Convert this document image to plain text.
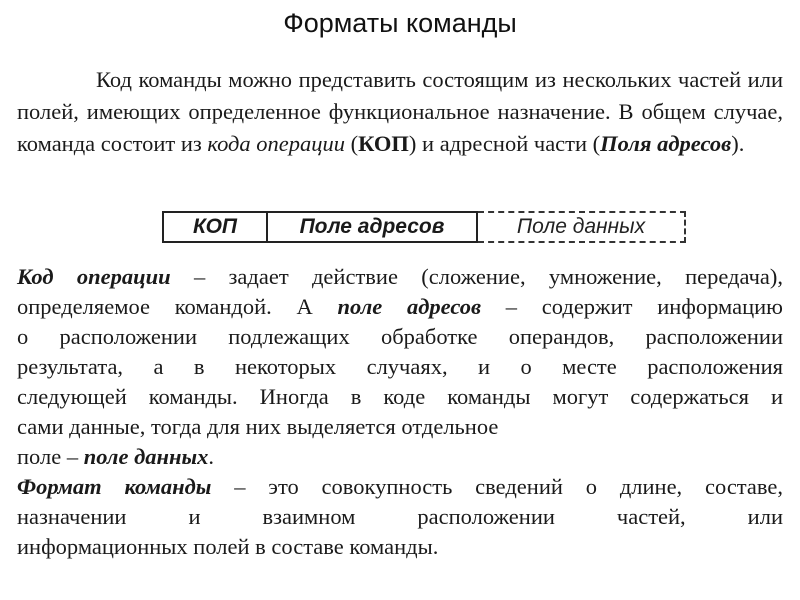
Форматы команды
Код команды можно представить состоящим из нескольких частей или полей, имеющих определенное функциональное назначение. В общем случае, команда состоит из кода операции (КОП) и адресной части (Поля адресов).
КОП	Поле адресов	Поле данных
Код операции – задает действие (сложение, умножение, передача),
определяемое командой. А поле адресов – содержит информацию
о расположении подлежащих обработке операндов, расположении
результата, а в некоторых случаях, и о месте расположения
следующей команды. Иногда в коде команды могут содержаться и
сами данные, тогда для них выделяется отдельное
поле – поле данных.
Формат команды – это совокупность сведений о длине, составе,
назначении и взаимном расположении частей, или
информационных полей в составе команды.
